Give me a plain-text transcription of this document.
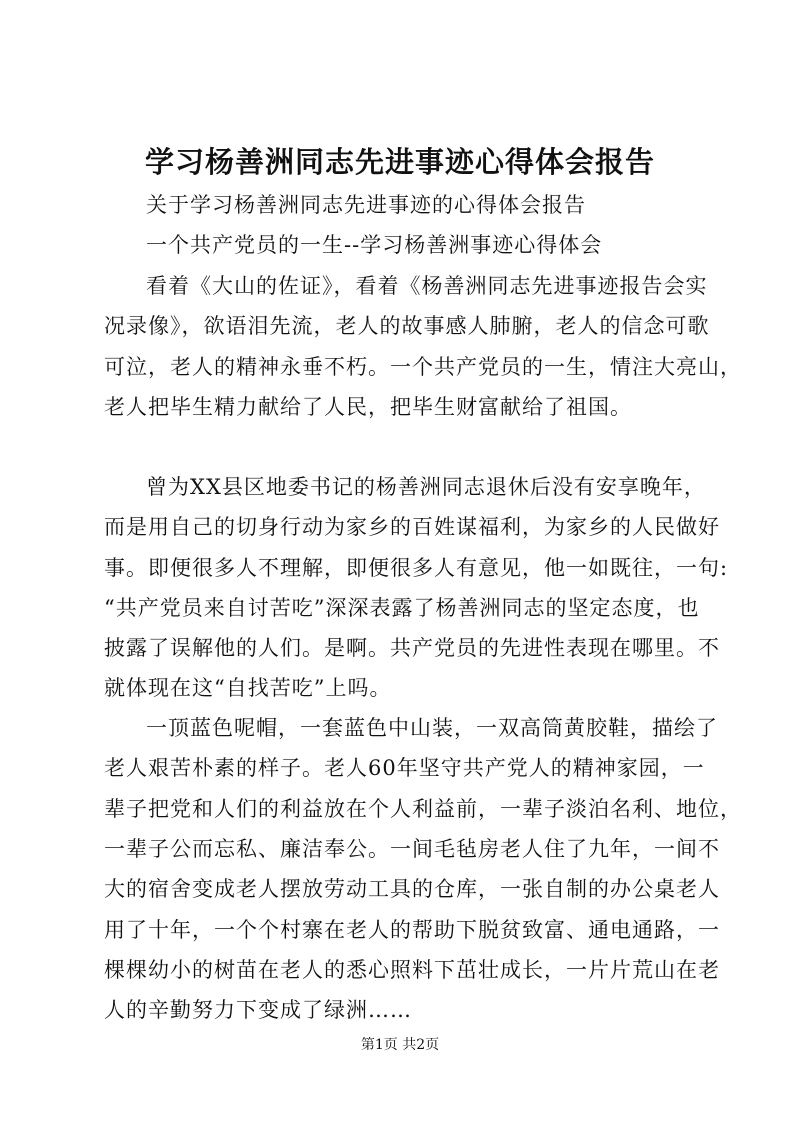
学习杨善洲同志先进事迹心得体会报告
关于学习杨善洲同志先进事迹的心得体会报告
一个共产党员的一生--学习杨善洲事迹心得体会
看着《大山的佐证》，看着《杨善洲同志先进事迹报告会实
况录像》，欲语泪先流，老人的故事感人肺腑，老人的信念可歌
可泣，老人的精神永垂不朽。一个共产党员的一生，情注大亮山，
老人把毕生精力献给了人民，把毕生财富献给了祖国。
曾为XX县区地委书记的杨善洲同志退休后没有安享晚年，
而是用自己的切身行动为家乡的百姓谋福利，为家乡的人民做好
事。即便很多人不理解，即便很多人有意见，他一如既往，一句:
“共产党员来自讨苦吃”深深表露了杨善洲同志的坚定态度，也
披露了误解他的人们。是啊。共产党员的先进性表现在哪里。不
就体现在这“自找苦吃”上吗。
一顶蓝色呢帽，一套蓝色中山装，一双高筒黄胶鞋，描绘了
老人艰苦朴素的样子。老人60年坚守共产党人的精神家园，一
辈子把党和人们的利益放在个人利益前，一辈子淡泊名利、地位，
一辈子公而忘私、廉洁奉公。一间毛毡房老人住了九年，一间不
大的宿舍变成老人摆放劳动工具的仓库，一张自制的办公桌老人
用了十年，一个个村寨在老人的帮助下脱贫致富、通电通路，一
棵棵幼小的树苗在老人的悉心照料下茁壮成长，一片片荒山在老
人的辛勤努力下变成了绿洲……
第1页 共2页
